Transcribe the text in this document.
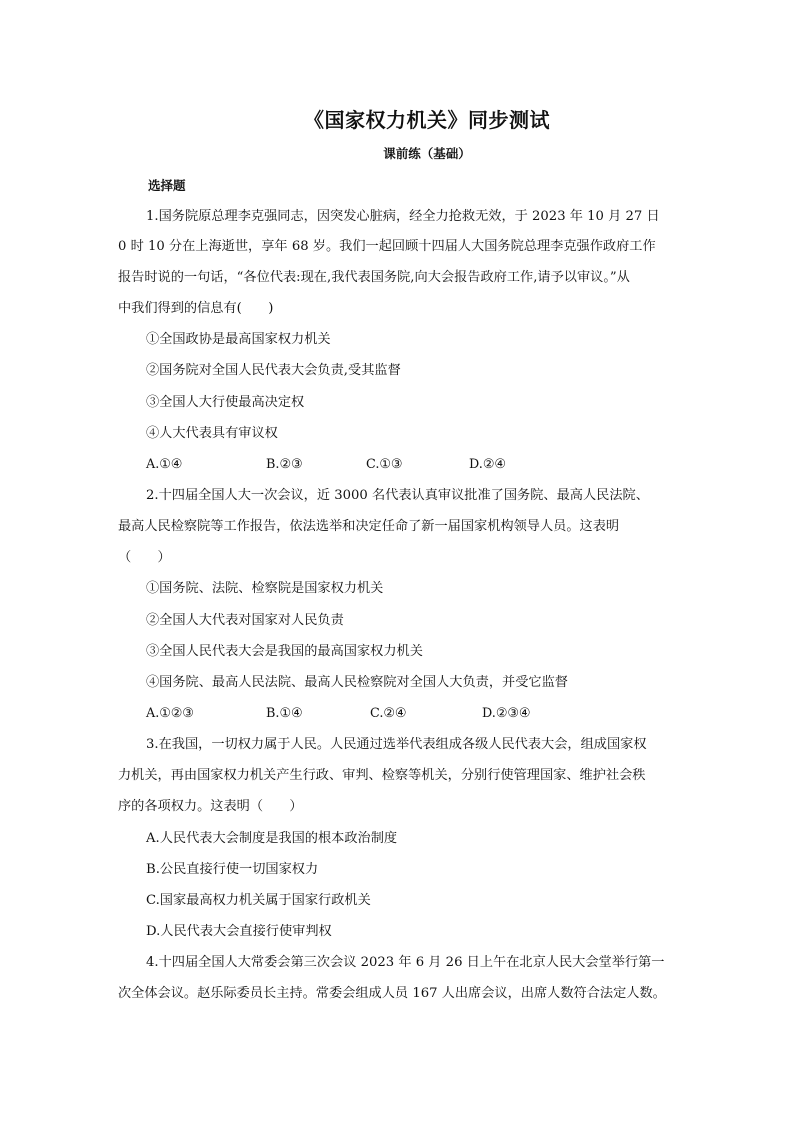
《国家权力机关》同步测试
课前练（基础）
选择题
1.国务院原总理李克强同志，因突发心脏病，经全力抢救无效，于 2023 年 10 月 27 日
0 时 10 分在上海逝世，享年 68 岁。我们一起回顾十四届人大国务院总理李克强作政府工作
报告时说的一句话，“各位代表:现在,我代表国务院,向大会报告政府工作,请予以审议。”从
中我们得到的信息有(　　)
①全国政协是最高国家权力机关
②国务院对全国人民代表大会负责,受其监督
③全国人大行使最高决定权
④人大代表具有审议权
A.①④	B.②③	C.①③	D.②④
2.十四届全国人大一次会议，近 3000 名代表认真审议批准了国务院、最高人民法院、
最高人民检察院等工作报告，依法选举和决定任命了新一届国家机构领导人员。这表明
（　　）
①国务院、法院、检察院是国家权力机关
②全国人大代表对国家对人民负责
③全国人民代表大会是我国的最高国家权力机关
④国务院、最高人民法院、最高人民检察院对全国人大负责，并受它监督
A.①②③	B.①④	C.②④	D.②③④
3.在我国，一切权力属于人民。人民通过选举代表组成各级人民代表大会，组成国家权
力机关，再由国家权力机关产生行政、审判、检察等机关，分别行使管理国家、维护社会秩
序的各项权力。这表明（　　）
A.人民代表大会制度是我国的根本政治制度
B.公民直接行使一切国家权力
C.国家最高权力机关属于国家行政机关
D.人民代表大会直接行使审判权
4.十四届全国人大常委会第三次会议 2023 年 6 月 26 日上午在北京人民大会堂举行第一
次全体会议。赵乐际委员长主持。常委会组成人员 167 人出席会议，出席人数符合法定人数。
